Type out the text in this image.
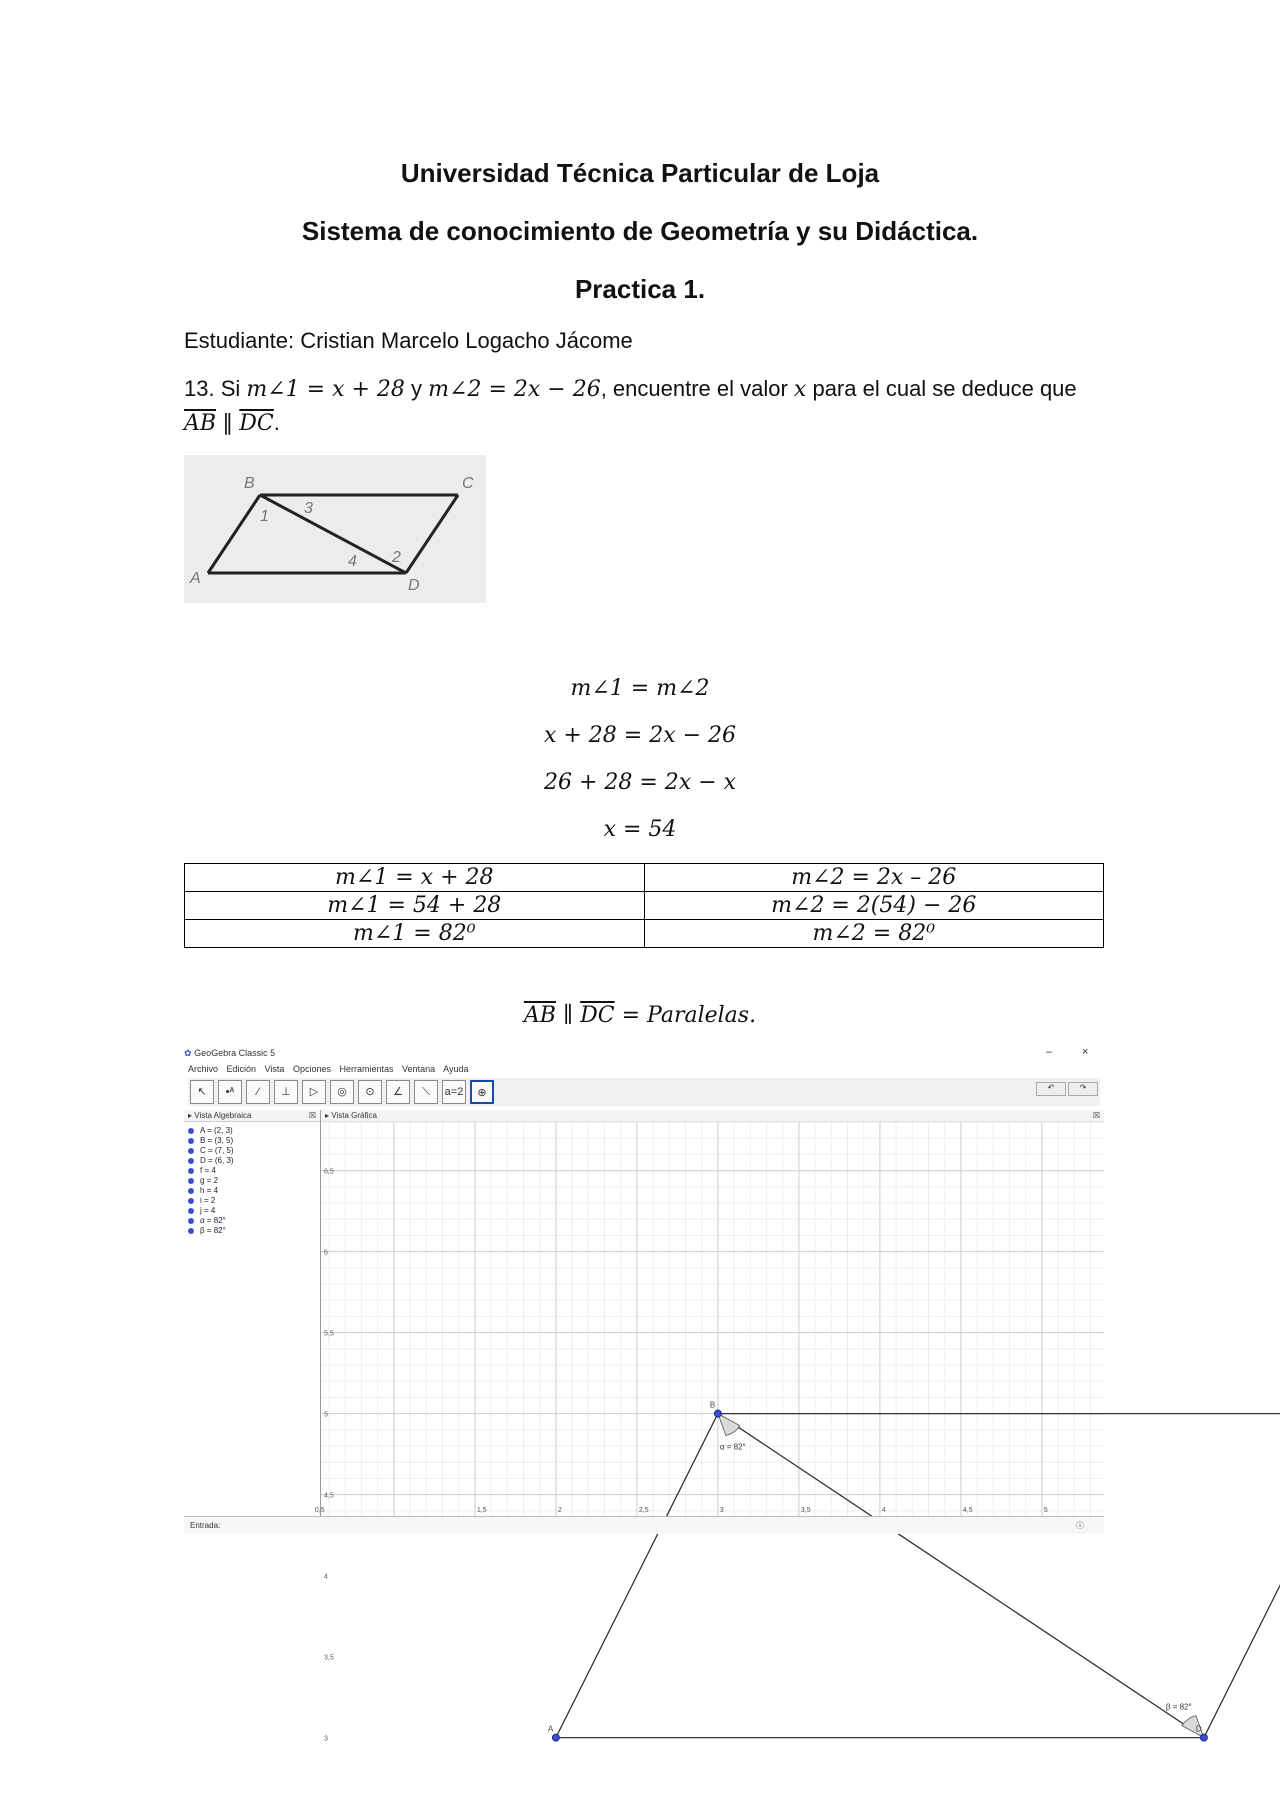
Universidad Técnica Particular de Loja
Sistema de conocimiento de Geometría y su Didáctica.
Practica 1.
Estudiante: Cristian Marcelo Logacho Jácome
13. Si m∠1 = x + 28 y m∠2 = 2x − 26, encuentre el valor x para el cual se deduce que
$\overline{AB}$ ∥ $\overline{DC}$.
B	C
A	D
1 3
2
4
m∠1 = m∠2
x + 28 = 2x − 26
26 + 28 = 2x − x
x = 54
m∠1 = x + 28	m∠2 = 2x – 26
m∠1 = 54 + 28	m∠2 = 2(54) − 26
m∠1 = 82⁰	m∠2 = 82⁰
$\overline{AB}$ ∥ $\overline{DC}$ = Paralelas.
✿ GeoGebra Classic 5	–	×
Archivo Edición Vista Opciones Herramientas Ventana Ayuda
↖	•ᴬ	⁄	⊥	▷	◎	⊙	∠	⟍	a=2	⊕	↶	↷
▸ Vista Algebraica	☒
A = (2, 3)
B = (3, 5)
C = (7, 5)
D = (6, 3)
f = 4
g = 2
h = 4
i = 2
j = 4
α = 82°
β = 82°
▸ Vista Gráfica	☒
0,5	1,5	2	2,5	3	3,5	4	4,5	5
6,5
6
5,5
5
4,5
4
3,5
3
α = 82°
β = 82°
A
B
D
Entrada:	ⓘ
